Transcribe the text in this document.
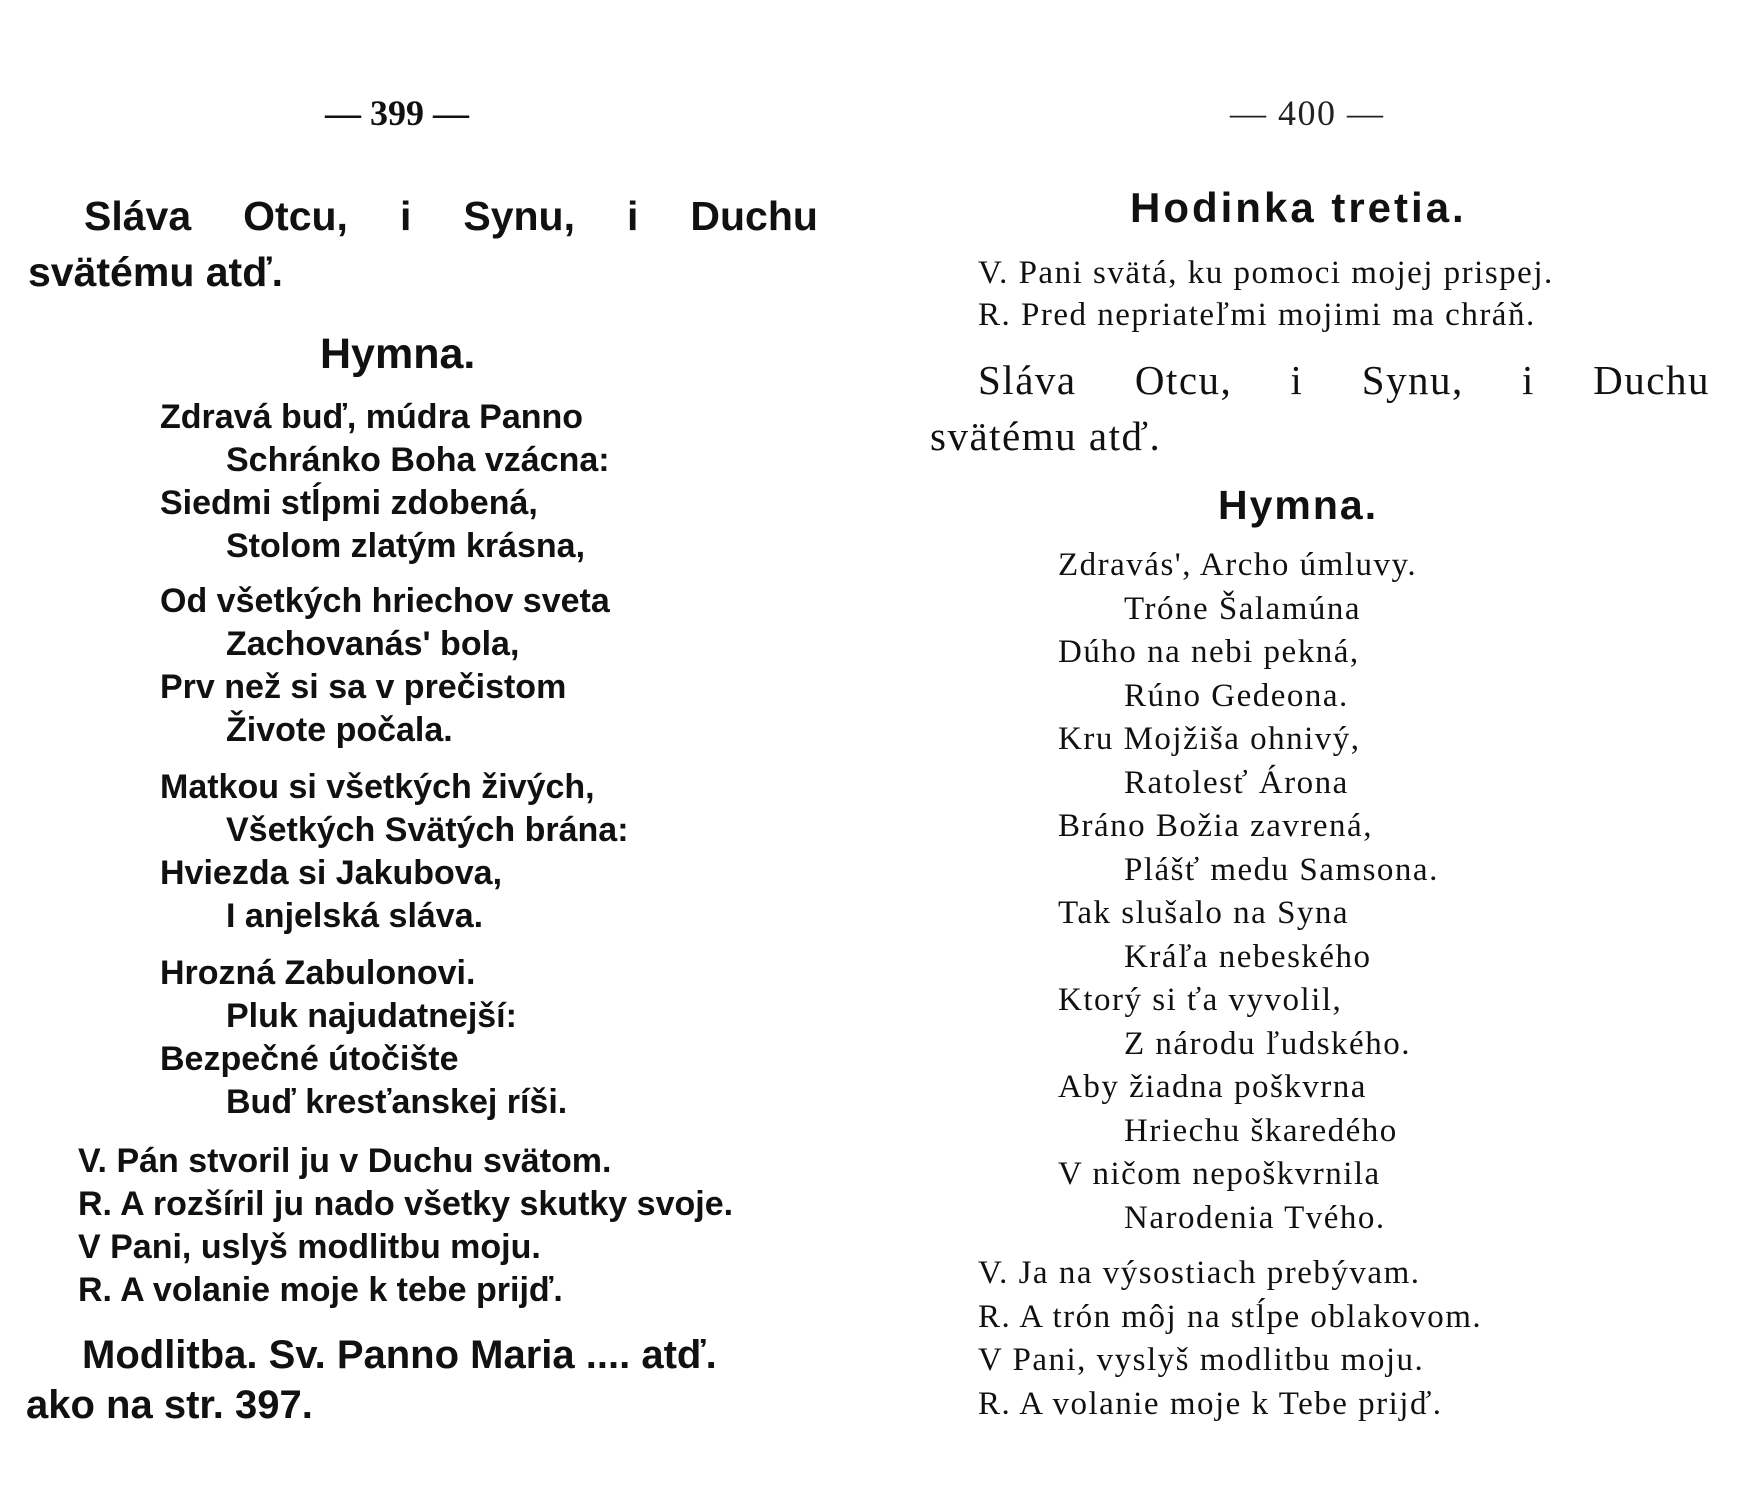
— 399 —
Sláva Otcu, i Synu, i Duchu
svätému atď.
Hymna.
Zdravá buď, múdra Panno
Schránko Boha vzácna:
Siedmi stĺpmi zdobená,
Stolom zlatým krásna,
Od všetkých hriechov sveta
Zachovanás' bola,
Prv než si sa v prečistom
Živote počala.
Matkou si všetkých živých,
Všetkých Svätých brána:
Hviezda si Jakubova,
I anjelská sláva.
Hrozná Zabulonovi.
Pluk najudatnejší:
Bezpečné útočište
Buď kresťanskej ríši.
V. Pán stvoril ju v Duchu svätom.
R. A rozšíril ju nado všetky skutky svoje.
V Pani, uslyš modlitbu moju.
R. A volanie moje k tebe prijď.
Modlitba. Sv. Panno Maria .... atď.
ako na str. 397.
— 400 —
Hodinka tretia.
V. Pani svätá, ku pomoci mojej prispej.
R. Pred nepriateľmi mojimi ma chráň.
Sláva Otcu, i Synu, i Duchu
svätému atď.
Hymna.
Zdravás', Archo úmluvy.
Tróne Šalamúna
Dúho na nebi pekná,
Rúno Gedeona.
Kru Mojžiša ohnivý,
Ratolesť Árona
Bráno Božia zavrená,
Plášť medu Samsona.
Tak slušalo na Syna
Kráľa nebeského
Ktorý si ťa vyvolil,
Z národu ľudského.
Aby žiadna poškvrna
Hriechu škaredého
V ničom nepoškvrnila
Narodenia Tvého.
V. Ja na výsostiach prebývam.
R. A trón môj na stĺpe oblakovom.
V Pani, vyslyš modlitbu moju.
R. A volanie moje k Tebe prijď.
